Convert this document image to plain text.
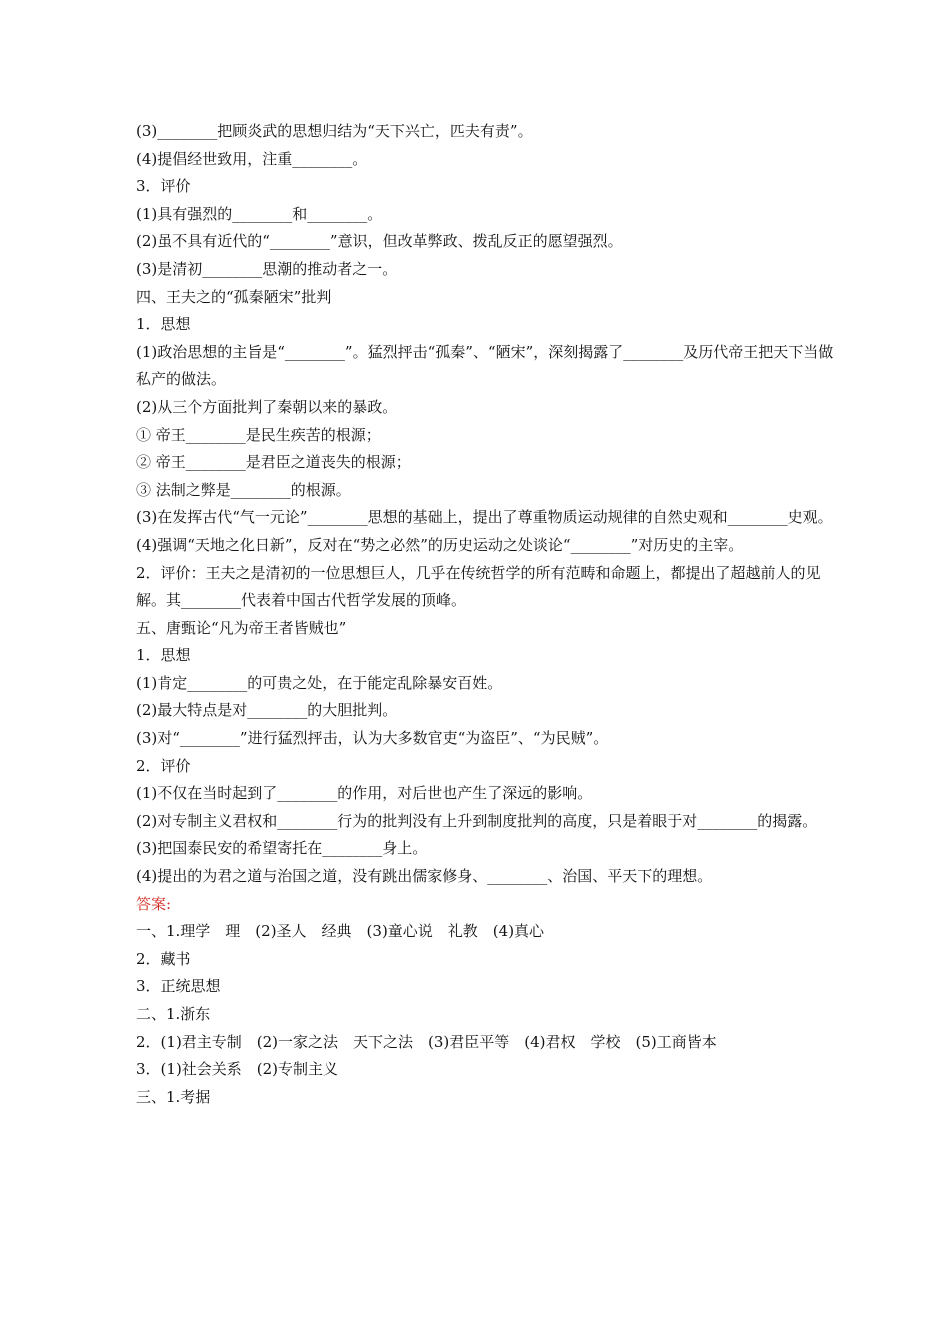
(3)________把顾炎武的思想归结为“天下兴亡，匹夫有责”。
(4)提倡经世致用，注重________。
3．评价
(1)具有强烈的________和________。
(2)虽不具有近代的“________”意识，但改革弊政、拨乱反正的愿望强烈。
(3)是清初________思潮的推动者之一。
四、王夫之的“孤秦陋宋”批判
1．思想
(1)政治思想的主旨是“________”。猛烈抨击“孤秦”、“陋宋”，深刻揭露了________及历代帝王把天下当做私产的做法。
(2)从三个方面批判了秦朝以来的暴政。
① 帝王________是民生疾苦的根源；
② 帝王________是君臣之道丧失的根源；
③ 法制之弊是________的根源。
(3)在发挥古代“气一元论”________思想的基础上，提出了尊重物质运动规律的自然史观和________史观。
(4)强调“天地之化日新”，反对在“势之必然”的历史运动之处谈论“________”对历史的主宰。
2．评价：王夫之是清初的一位思想巨人，几乎在传统哲学的所有范畴和命题上，都提出了超越前人的见解。其________代表着中国古代哲学发展的顶峰。
五、唐甄论“凡为帝王者皆贼也”
1．思想
(1)肯定________的可贵之处，在于能定乱除暴安百姓。
(2)最大特点是对________的大胆批判。
(3)对“________”进行猛烈抨击，认为大多数官吏“为盗臣”、“为民贼”。
2．评价
(1)不仅在当时起到了________的作用，对后世也产生了深远的影响。
(2)对专制主义君权和________行为的批判没有上升到制度批判的高度，只是着眼于对________的揭露。
(3)把国泰民安的希望寄托在________身上。
(4)提出的为君之道与治国之道，没有跳出儒家修身、________、治国、平天下的理想。
答案:
一、1.理学　理　(2)圣人　经典　(3)童心说　礼教　(4)真心
2．藏书
3．正统思想
二、1.浙东
2．(1)君主专制　(2)一家之法　天下之法　(3)君臣平等　(4)君权　学校　(5)工商皆本
3．(1)社会关系　(2)专制主义
三、1.考据
